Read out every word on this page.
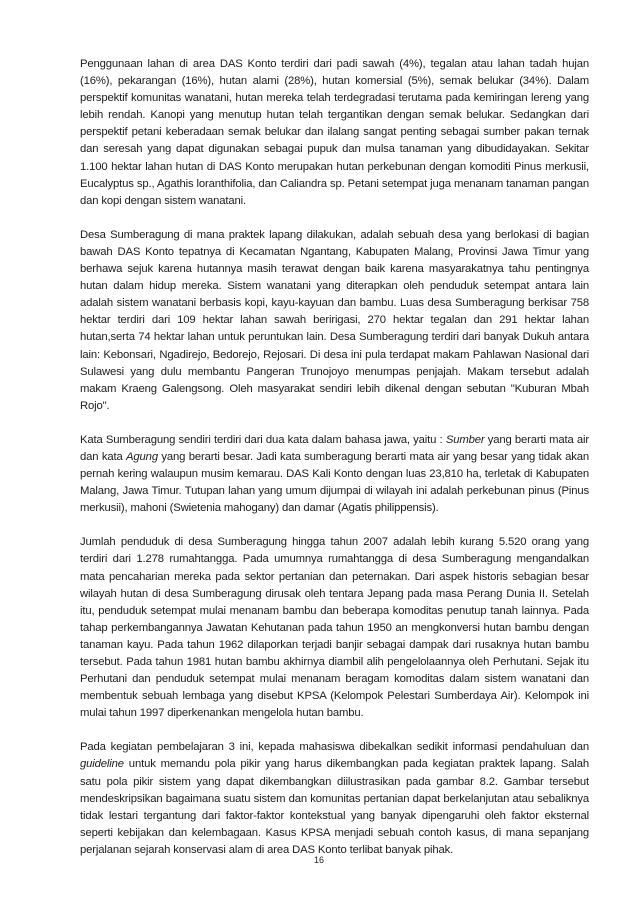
Penggunaan lahan di area DAS Konto terdiri dari padi sawah (4%), tegalan atau lahan tadah hujan (16%), pekarangan (16%), hutan alami (28%), hutan komersial (5%), semak belukar (34%). Dalam perspektif komunitas wanatani, hutan mereka telah terdegradasi terutama pada kemiringan lereng yang lebih rendah. Kanopi yang menutup hutan telah tergantikan dengan semak belukar. Sedangkan dari perspektif petani keberadaan semak belukar dan ilalang sangat penting sebagai sumber pakan ternak dan seresah yang dapat digunakan sebagai pupuk dan mulsa tanaman yang dibudidayakan. Sekitar 1.100 hektar lahan hutan di DAS Konto merupakan hutan perkebunan dengan komoditi Pinus merkusii, Eucalyptus sp., Agathis loranthifolia, dan Caliandra sp. Petani setempat juga menanam tanaman pangan dan kopi dengan sistem wanatani.

Desa Sumberagung di mana praktek lapang dilakukan, adalah sebuah desa yang berlokasi di bagian bawah DAS Konto tepatnya di Kecamatan Ngantang, Kabupaten Malang, Provinsi Jawa Timur yang berhawa sejuk karena hutannya masih terawat dengan baik karena masyarakatnya tahu pentingnya hutan dalam hidup mereka. Sistem wanatani yang diterapkan oleh penduduk setempat antara lain adalah sistem wanatani berbasis kopi, kayu-kayuan dan bambu. Luas desa Sumberagung berkisar 758 hektar terdiri dari 109 hektar lahan sawah beririgasi, 270 hektar tegalan dan 291 hektar lahan hutan,serta 74 hektar lahan untuk peruntukan lain. Desa Sumberagung terdiri dari banyak Dukuh antara lain: Kebonsari, Ngadirejo, Bedorejo, Rejosari. Di desa ini pula terdapat makam Pahlawan Nasional dari Sulawesi yang dulu membantu Pangeran Trunojoyo menumpas penjajah. Makam tersebut adalah makam Kraeng Galengsong. Oleh masyarakat sendiri lebih dikenal dengan sebutan "Kuburan Mbah Rojo".

Kata Sumberagung sendiri terdiri dari dua kata dalam bahasa jawa, yaitu : Sumber yang berarti mata air dan kata Agung yang berarti besar. Jadi kata sumberagung berarti mata air yang besar yang tidak akan pernah kering walaupun musim kemarau. DAS Kali Konto dengan luas 23,810 ha, terletak di Kabupaten Malang, Jawa Timur. Tutupan lahan yang umum dijumpai di wilayah ini adalah perkebunan pinus (Pinus merkusii), mahoni (Swietenia mahogany) dan damar (Agatis philippensis).

Jumlah penduduk di desa Sumberagung hingga tahun 2007 adalah lebih kurang 5.520 orang yang terdiri dari 1.278 rumahtangga. Pada umumnya rumahtangga di desa Sumberagung mengandalkan mata pencaharian mereka pada sektor pertanian dan peternakan. Dari aspek historis sebagian besar wilayah hutan di desa Sumberagung dirusak oleh tentara Jepang pada masa Perang Dunia II. Setelah itu, penduduk setempat mulai menanam bambu dan beberapa komoditas penutup tanah lainnya. Pada tahap perkembangannya Jawatan Kehutanan pada tahun 1950 an mengkonversi hutan bambu dengan tanaman kayu. Pada tahun 1962 dilaporkan terjadi banjir sebagai dampak dari rusaknya hutan bambu tersebut. Pada tahun 1981 hutan bambu akhirnya diambil alih pengelolaannya oleh Perhutani. Sejak itu Perhutani dan penduduk setempat mulai menanam beragam komoditas dalam sistem wanatani dan membentuk sebuah lembaga yang disebut KPSA (Kelompok Pelestari Sumberdaya Air). Kelompok ini mulai tahun 1997 diperkenankan mengelola hutan bambu.

Pada kegiatan pembelajaran 3 ini, kepada mahasiswa dibekalkan sedikit informasi pendahuluan dan guideline untuk memandu pola pikir yang harus dikembangkan pada kegiatan praktek lapang. Salah satu pola pikir sistem yang dapat dikembangkan diilustrasikan pada gambar 8.2. Gambar tersebut mendeskripsikan bagaimana suatu sistem dan komunitas pertanian dapat berkelanjutan atau sebaliknya tidak lestari tergantung dari faktor-faktor kontekstual yang banyak dipengaruhi oleh faktor eksternal seperti kebijakan dan kelembagaan. Kasus KPSA menjadi sebuah contoh kasus, di mana sepanjang perjalanan sejarah konservasi alam di area DAS Konto terlibat banyak pihak.

16
